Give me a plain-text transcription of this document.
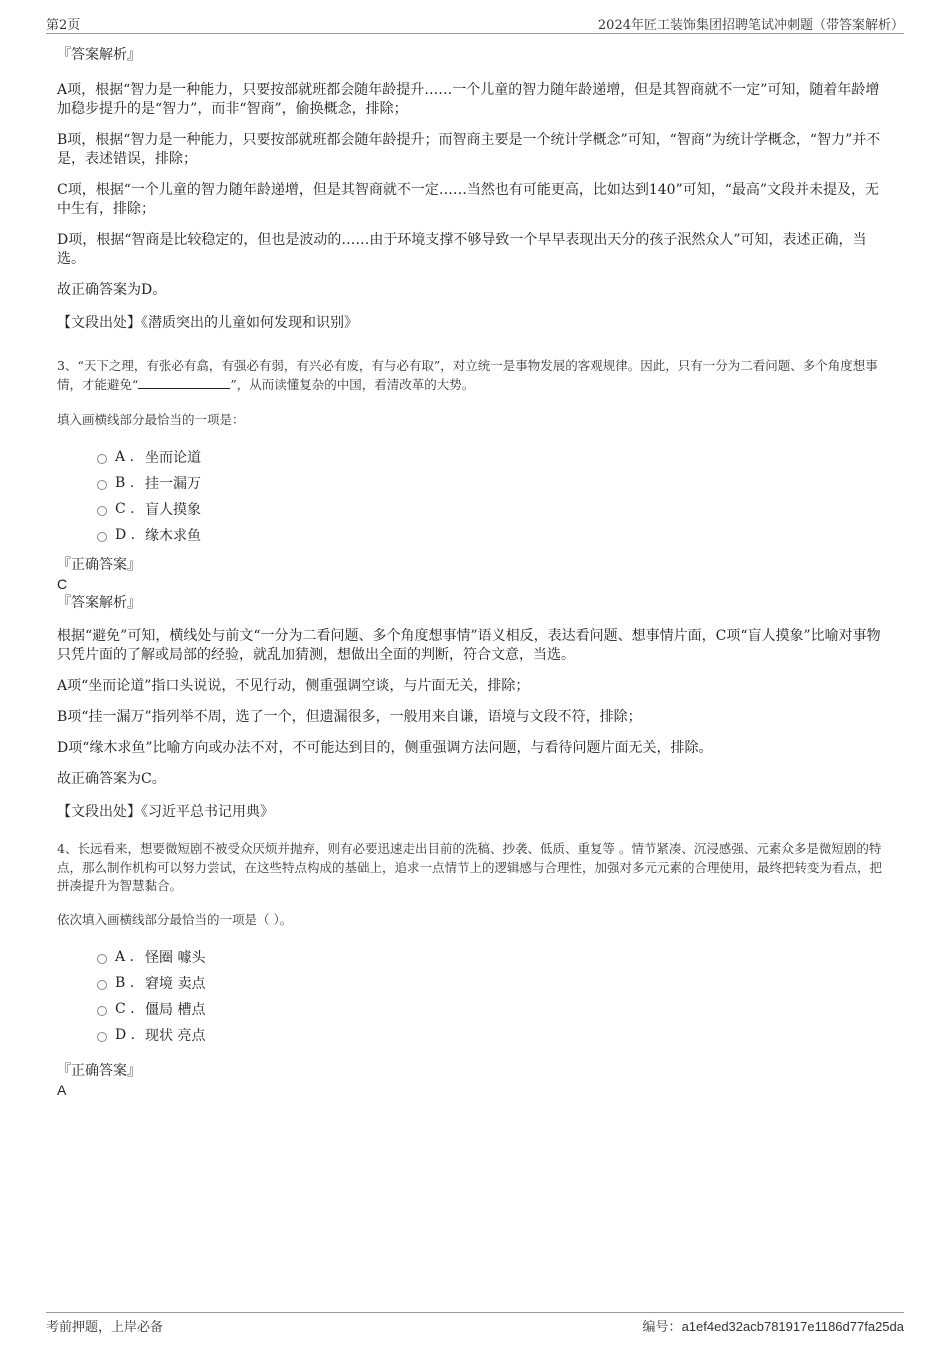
第2页	2024年匠工装饰集团招聘笔试冲刺题（带答案解析）
『答案解析』
A项，根据“智力是一种能力，只要按部就班都会随年龄提升……一个儿童的智力随年龄递增，但是其智商就不一定”可知，随着年龄增加稳步提升的是“智力”，而非“智商”，偷换概念，排除；
B项，根据“智力是一种能力，只要按部就班都会随年龄提升；而智商主要是一个统计学概念”可知，“智商”为统计学概念，“智力”并不是，表述错误，排除；
C项，根据“一个儿童的智力随年龄递增，但是其智商就不一定……当然也有可能更高，比如达到140”可知，“最高”文段并未提及，无中生有，排除；
D项，根据“智商是比较稳定的，但也是波动的……由于环境支撑不够导致一个早早表现出天分的孩子泯然众人”可知，表述正确，当选。
故正确答案为D。
【文段出处】《潜质突出的儿童如何发现和识别》
3、“天下之理，有张必有翕，有强必有弱，有兴必有废，有与必有取”，对立统一是事物发展的客观规律。因此，只有一分为二看问题、多个角度想事情，才能避免“	”，从而读懂复杂的中国，看清改革的大势。
填入画横线部分最恰当的一项是：
A . 坐而论道
B . 挂一漏万
C . 盲人摸象
D . 缘木求鱼
『正确答案』
C
『答案解析』
根据“避免”可知，横线处与前文“一分为二看问题、多个角度想事情”语义相反，表达看问题、想事情片面，C项“盲人摸象”比喻对事物只凭片面的了解或局部的经验，就乱加猜测，想做出全面的判断，符合文意，当选。
A项“坐而论道”指口头说说，不见行动，侧重强调空谈，与片面无关，排除；
B项“挂一漏万”指列举不周，选了一个，但遗漏很多，一般用来自谦，语境与文段不符，排除；
D项“缘木求鱼”比喻方向或办法不对，不可能达到目的，侧重强调方法问题，与看待问题片面无关，排除。
故正确答案为C。
【文段出处】《习近平总书记用典》
4、长远看来，想要微短剧不被受众厌烦并抛弃，则有必要迅速走出目前的洗稿、抄袭、低质、重复等 。情节紧凑、沉浸感强、元素众多是微短剧的特点，那么制作机构可以努力尝试，在这些特点构成的基础上，追求一点情节上的逻辑感与合理性，加强对多元元素的合理使用，最终把转变为看点，把拼凑提升为智慧黏合。
依次填入画横线部分最恰当的一项是（ ）。
A . 怪圈 噱头
B . 窘境 卖点
C . 僵局 槽点
D . 现状 亮点
『正确答案』
A
考前押题，上岸必备	编号：a1ef4ed32acb781917e1186d77fa25da
